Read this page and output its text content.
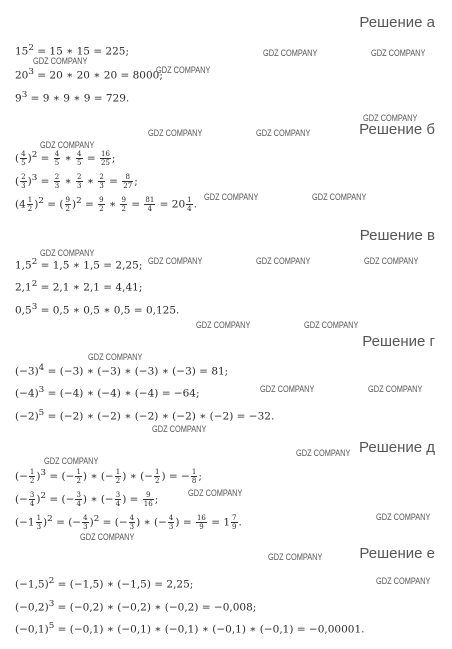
Решение а
Решение б
Решение в
Решение г
Решение д
Решение е
$15^2 = 15$ ∗ 15 = 225;
$20^3 = 20$ ∗ 20 ∗ 20 = 8000;
$9^3 = 9$ ∗ 9 ∗ 9 = 729.
( $\frac{4}{5} )^2 = \frac{4}{5}$ ∗ $\frac{4}{5} = \frac{16}{25}$ ;
( $\frac{2}{3} )^3 = \frac{2}{3}$ ∗ $\frac{2}{3}$ ∗ $\frac{2}{3} = \frac{8}{27}$ ;
$(4 \frac{1}{2} )^2$ = ( $\frac{9}{2} )^2 = \frac{9}{2}$ ∗ $\frac{9}{2} = \frac{81}{4} = 20 \frac{1}{4}$ .
$1,5^2 = 1,5$ ∗ 1,5 = 2,25;
$2,1^2 = 2,1$ ∗ 2,1 = 4,41;
$0,5^3 = 0,5$ ∗ 0,5 ∗ 0,5 = 0,125.
$(-3)^4 = (-3)$ ∗ (−3) ∗ (−3) ∗ (−3) = 81;
$(-4)^3 = (-4)$ ∗ (−4) ∗ (−4) = −64;
$(-2)^5 = (-2)$ ∗ (−2) ∗ (−2) ∗ (−2) ∗ (−2) = −32.
(− $\frac{1}{2} )^3$ = (− $\frac{1}{2}$ ) ∗ (− $\frac{1}{2}$ ) ∗ (− $\frac{1}{2}$ ) = − $\frac{1}{8}$ ;
(− $\frac{3}{4} )^2$ = (− $\frac{3}{4}$ ) ∗ (− $\frac{3}{4}$ ) = $\frac{9}{16}$ ;
$(-1 \frac{1}{3} )^2$ = (− $\frac{4}{3} )^2$ = (− $\frac{4}{3}$ ) ∗ (− $\frac{4}{3}$ ) = $\frac{16}{9} = 1 \frac{7}{9}$ .
$(-1,5)^2 = (-1,5)$ ∗ (−1,5) = 2,25;
$(-0,2)^3 = (-0,2)$ ∗ (−0,2) ∗ (−0,2) = −0,008;
$(-0,1)^5 = (-0,1)$ ∗ (−0,1) ∗ (−0,1) ∗ (−0,1) ∗ (−0,1) = −0,00001.
GDZ COMPANY	GDZ COMPANY
GDZ COMPANY
GDZ COMPANY
GDZ COMPANY
GDZ COMPANY	GDZ COMPANY
GDZ COMPANY
GDZ COMPANY	GDZ COMPANY
GDZ COMPANY
GDZ COMPANY	GDZ COMPANY	GDZ COMPANY
GDZ COMPANY	GDZ COMPANY
GDZ COMPANY
GDZ COMPANY	GDZ COMPANY
GDZ COMPANY
GDZ COMPANY
GDZ COMPANY
GDZ COMPANY
GDZ COMPANY
GDZ COMPANY
GDZ COMPANY
GDZ COMPANY
